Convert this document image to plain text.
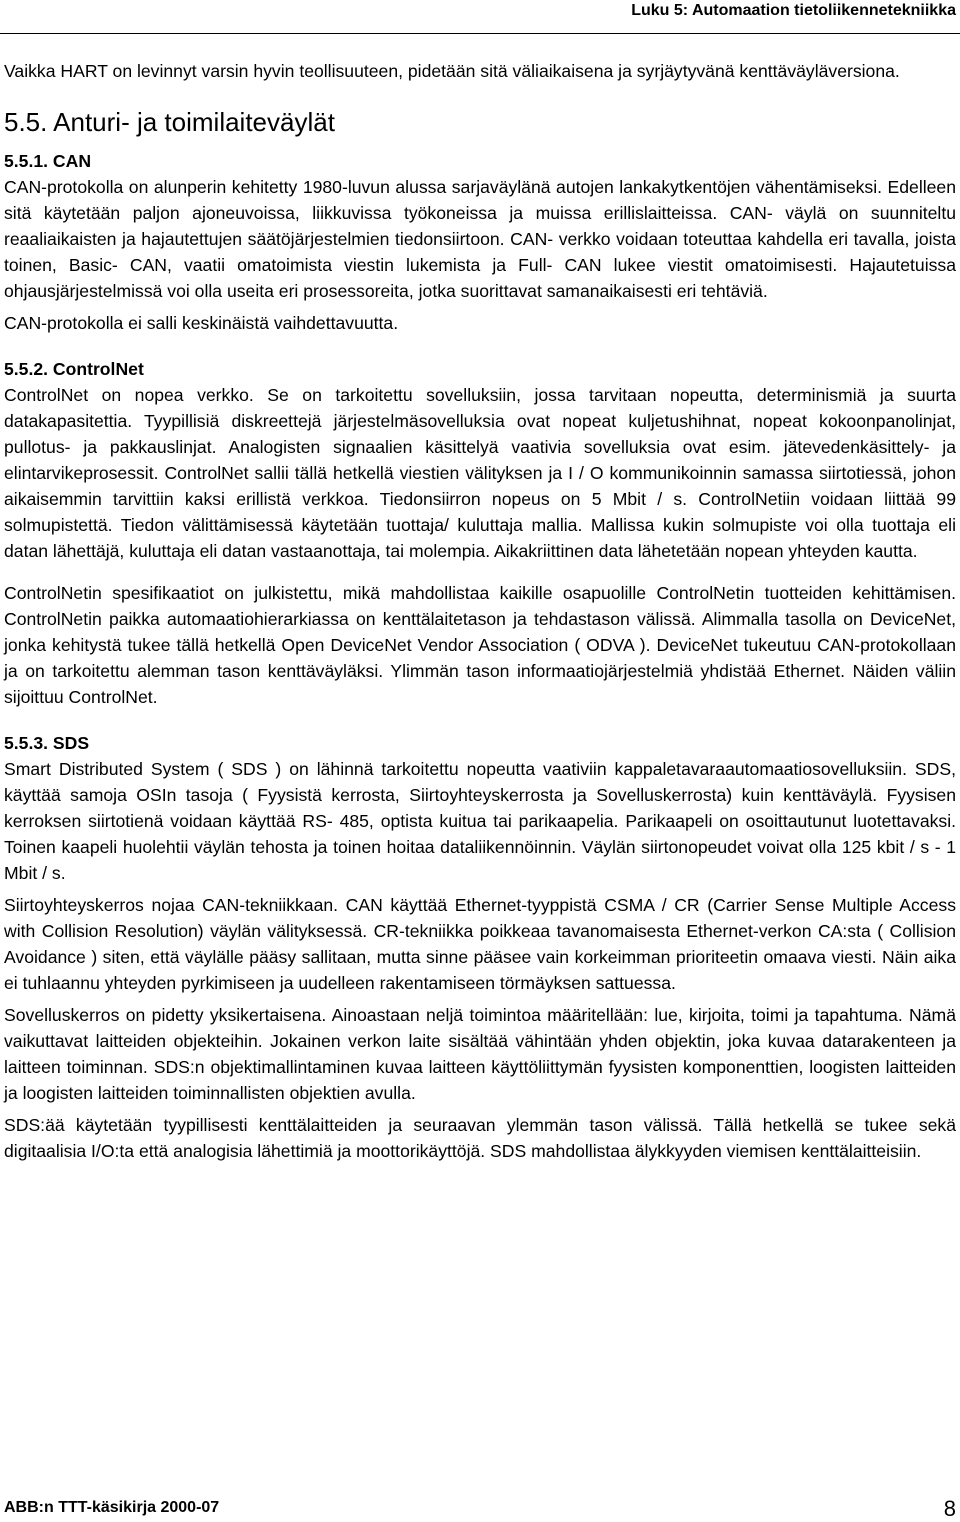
Luku 5: Automaation tietoliikennetekniikka

Vaikka HART on levinnyt varsin hyvin teollisuuteen, pidetään sitä väliaikaisena ja syrjäytyvänä kenttäväyläversiona.

5.5. Anturi- ja toimilaiteväylät
5.5.1. CAN

CAN-protokolla on alunperin kehitetty 1980-luvun alussa sarjaväylänä autojen lankakytkentöjen vähentämiseksi. Edelleen sitä käytetään paljon ajoneuvoissa, liikkuvissa työkoneissa ja muissa erillislaitteissa. CAN- väylä on suunniteltu reaaliaikaisten ja hajautettujen säätöjärjestelmien tiedonsiirtoon. CAN- verkko voidaan toteuttaa kahdella eri tavalla, joista toinen, Basic- CAN, vaatii omatoimista viestin lukemista ja Full- CAN lukee viestit omatoimisesti. Hajautetuissa ohjausjärjestelmissä voi olla useita eri prosessoreita, jotka suorittavat samanaikaisesti eri tehtäviä.

CAN-protokolla ei salli keskinäistä vaihdettavuutta.

5.5.2. ControlNet

ControlNet on nopea verkko. Se on tarkoitettu sovelluksiin, jossa tarvitaan nopeutta, determinismiä ja suurta datakapasitettia. Tyypillisiä diskreettejä järjestelmäsovelluksia ovat nopeat kuljetushihnat, nopeat kokoonpanolinjat, pullotus- ja pakkauslinjat. Analogisten signaalien käsittelyä vaativia sovelluksia ovat esim. jätevedenkäsittely- ja elintarvikeprosessit. ControlNet sallii tällä hetkellä viestien välityksen ja I / O kommunikoinnin samassa siirtotiessä, johon aikaisemmin tarvittiin kaksi erillistä verkkoa. Tiedonsiirron nopeus on 5 Mbit / s. ControlNetiin voidaan liittää 99 solmupistettä. Tiedon välittämisessä käytetään tuottaja/ kuluttaja mallia. Mallissa kukin solmupiste voi olla tuottaja eli datan lähettäjä, kuluttaja eli datan vastaanottaja, tai molempia. Aikakriittinen data lähetetään nopean yhteyden kautta.

ControlNetin spesifikaatiot on julkistettu, mikä mahdollistaa kaikille osapuolille ControlNetin tuotteiden kehittämisen. ControlNetin paikka automaatiohierarkiassa on kenttälaitetason ja tehdastason välissä. Alimmalla tasolla on DeviceNet, jonka kehitystä tukee tällä hetkellä Open DeviceNet Vendor Association ( ODVA ). DeviceNet tukeutuu CAN-protokollaan ja on tarkoitettu alemman tason kenttäväyläksi. Ylimmän tason informaatiojärjestelmiä yhdistää Ethernet. Näiden väliin sijoittuu ControlNet.

5.5.3. SDS

Smart Distributed System ( SDS ) on lähinnä tarkoitettu nopeutta vaativiin kappaletavaraautomaatiosovelluksiin. SDS, käyttää samoja OSIn tasoja ( Fyysistä kerrosta, Siirtoyhteyskerrosta ja Sovelluskerrosta) kuin kenttäväylä. Fyysisen kerroksen siirtotienä voidaan käyttää RS- 485, optista kuitua tai parikaapelia. Parikaapeli on osoittautunut luotettavaksi. Toinen kaapeli huolehtii väylän tehosta ja toinen hoitaa dataliikennöinnin. Väylän siirtonopeudet voivat olla 125 kbit / s - 1 Mbit / s.

Siirtoyhteyskerros nojaa CAN-tekniikkaan. CAN käyttää Ethernet-tyyppistä CSMA / CR (Carrier Sense Multiple Access with Collision Resolution) väylän välityksessä. CR-tekniikka poikkeaa tavanomaisesta Ethernet-verkon CA:sta ( Collision Avoidance ) siten, että väylälle pääsy sallitaan, mutta sinne pääsee vain korkeimman prioriteetin omaava viesti. Näin aika ei tuhlaannu yhteyden pyrkimiseen ja uudelleen rakentamiseen törmäyksen sattuessa.

Sovelluskerros on pidetty yksikertaisena. Ainoastaan neljä toimintoa määritellään: lue, kirjoita, toimi ja tapahtuma. Nämä vaikuttavat laitteiden objekteihin. Jokainen verkon laite sisältää vähintään yhden objektin, joka kuvaa datarakenteen ja laitteen toiminnan. SDS:n objektimallintaminen kuvaa laitteen käyttöliittymän fyysisten komponenttien, loogisten laitteiden ja loogisten laitteiden toiminnallisten objektien avulla.

SDS:ää käytetään tyypillisesti kenttälaitteiden ja seuraavan ylemmän tason välissä. Tällä hetkellä se tukee sekä digitaalisia I/O:ta että analogisia lähettimiä ja moottorikäyttöjä. SDS mahdollistaa älykkyyden viemisen kenttälaitteisiin.

ABB:n TTT-käsikirja 2000-07	8
